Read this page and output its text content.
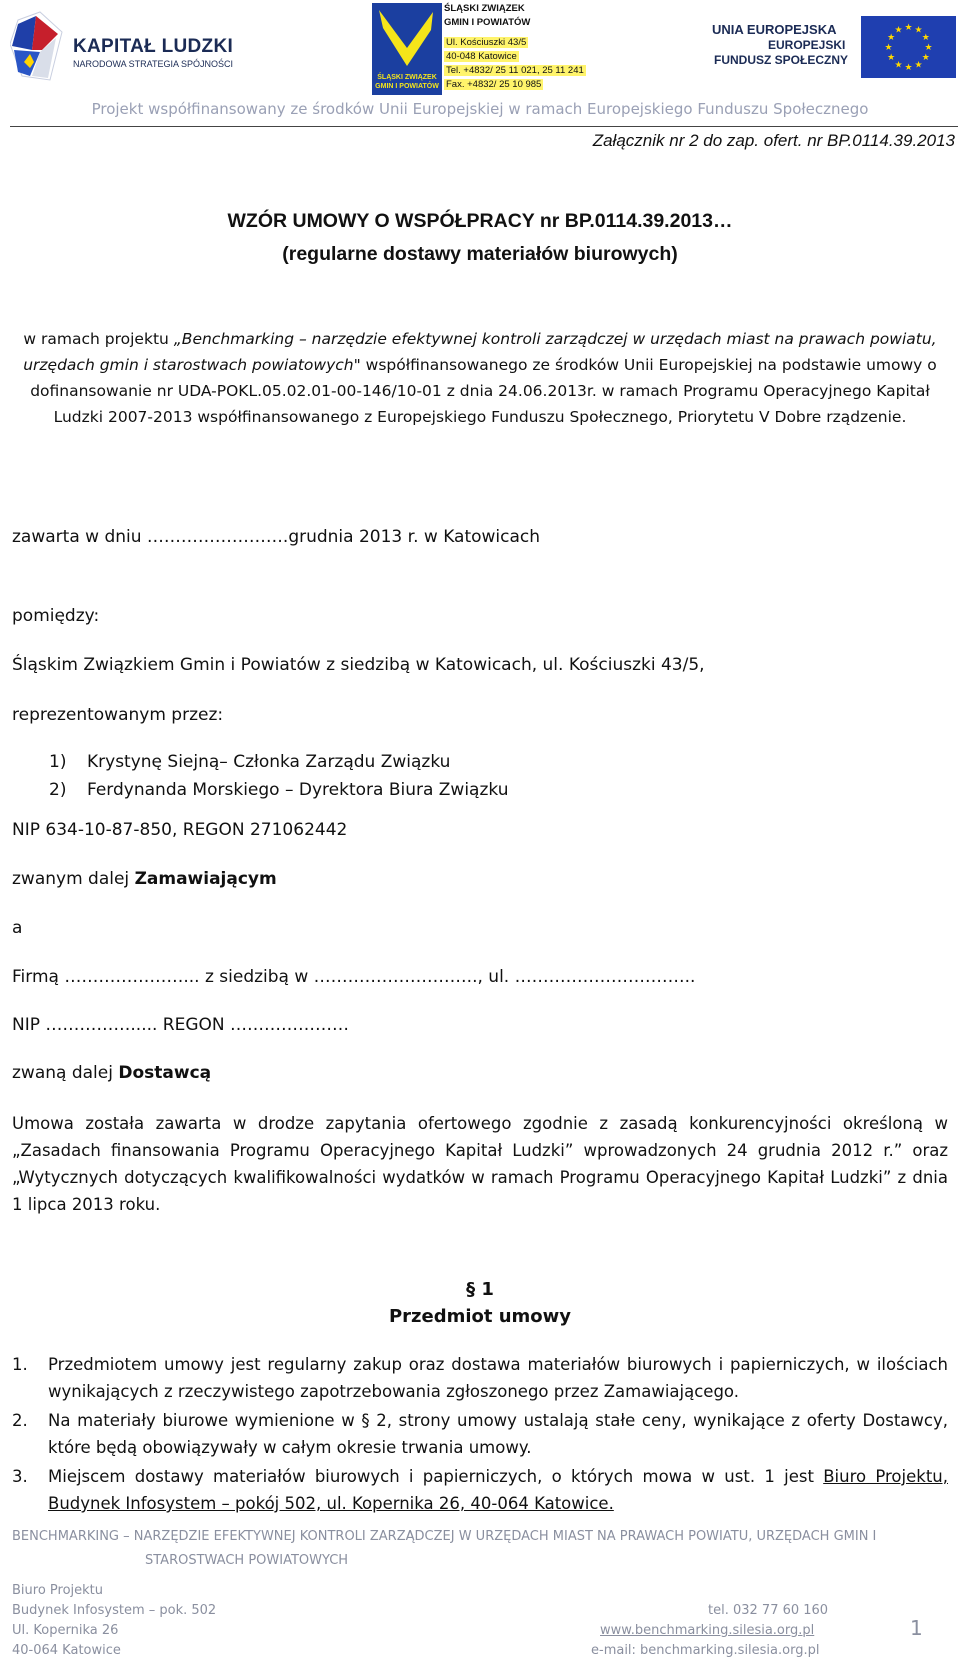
KAPITAŁ LUDZKI
NARODOWA STRATEGIA SPÓJNOŚCI
ŚLĄSKI ZWIĄZEK
GMIN I POWIATÓW
ŚLĄSKI ZWIĄZEK
GMIN I POWIATÓW
Ul. Kościuszki 43/5
40-048 Katowice
Tel. +4832/ 25 11 021, 25 11 241
Fax. +4832/ 25 10 985
UNIA EUROPEJSKA
EUROPEJSKI
FUNDUSZ SPOŁECZNY
★
★
★
★
★
★
★
★
★ ★ ★
★
Projekt współfinansowany ze środków Unii Europejskiej w ramach Europejskiego Funduszu Społecznego
Załącznik nr 2 do zap. ofert. nr BP.0114.39.2013
WZÓR UMOWY O WSPÓŁPRACY nr BP.0114.39.2013…
(regularne dostawy materiałów biurowych)
w ramach projektu „Benchmarking – narzędzie efektywnej kontroli zarządczej w urzędach miast na prawach powiatu, urzędach gmin i starostwach powiatowych" współfinansowanego ze środków Unii Europejskiej na podstawie umowy o dofinansowanie nr UDA-POKL.05.02.01-00-146/10-01 z dnia 24.06.2013r. w ramach Programu Operacyjnego Kapitał Ludzki 2007-2013 współfinansowanego z Europejskiego Funduszu Społecznego, Priorytetu V Dobre rządzenie.
zawarta w dniu …………………….grudnia 2013 r. w Katowicach
pomiędzy:
Śląskim Związkiem Gmin i Powiatów z siedzibą w Katowicach, ul. Kościuszki 43/5,
reprezentowanym przez:
1) Krystynę Siejną– Członka Zarządu Związku
2) Ferdynanda Morskiego – Dyrektora Biura Związku
NIP 634-10-87-850, REGON 271062442
zwanym dalej Zamawiającym
a
Firmą …………………... z siedzibą w ……………………….., ul. …………………………..
NIP ……………..... REGON …………………
zwaną dalej Dostawcą
Umowa została zawarta w drodze zapytania ofertowego zgodnie z zasadą konkurencyjności określoną w „Zasadach finansowania Programu Operacyjnego Kapitał Ludzki” wprowadzonych 24 grudnia 2012 r.” oraz „Wytycznych dotyczących kwalifikowalności wydatków w ramach Programu Operacyjnego Kapitał Ludzki” z dnia 1 lipca 2013 roku.
§ 1
Przedmiot umowy
1.	Przedmiotem umowy jest regularny zakup oraz dostawa materiałów biurowych i papierniczych, w ilościach wynikających z rzeczywistego zapotrzebowania zgłoszonego przez Zamawiającego.
2.	Na materiały biurowe wymienione w § 2, strony umowy ustalają stałe ceny, wynikające z oferty Dostawcy, które będą obowiązywały w całym okresie trwania umowy.
3.	Miejscem dostawy materiałów biurowych i papierniczych, o których mowa w ust. 1 jest Biuro Projektu, Budynek Infosystem – pokój 502, ul. Kopernika 26, 40-064 Katowice.
BENCHMARKING – NARZĘDZIE EFEKTYWNEJ KONTROLI ZARZĄDCZEJ W URZĘDACH MIAST NA PRAWACH POWIATU, URZĘDACH GMIN I
STAROSTWACH POWIATOWYCH
Biuro Projektu
Budynek Infosystem – pok. 502
Ul. Kopernika 26
40-064 Katowice
tel. 032 77 60 160
www.benchmarking.silesia.org.pl
e-mail: benchmarking.silesia.org.pl
1
